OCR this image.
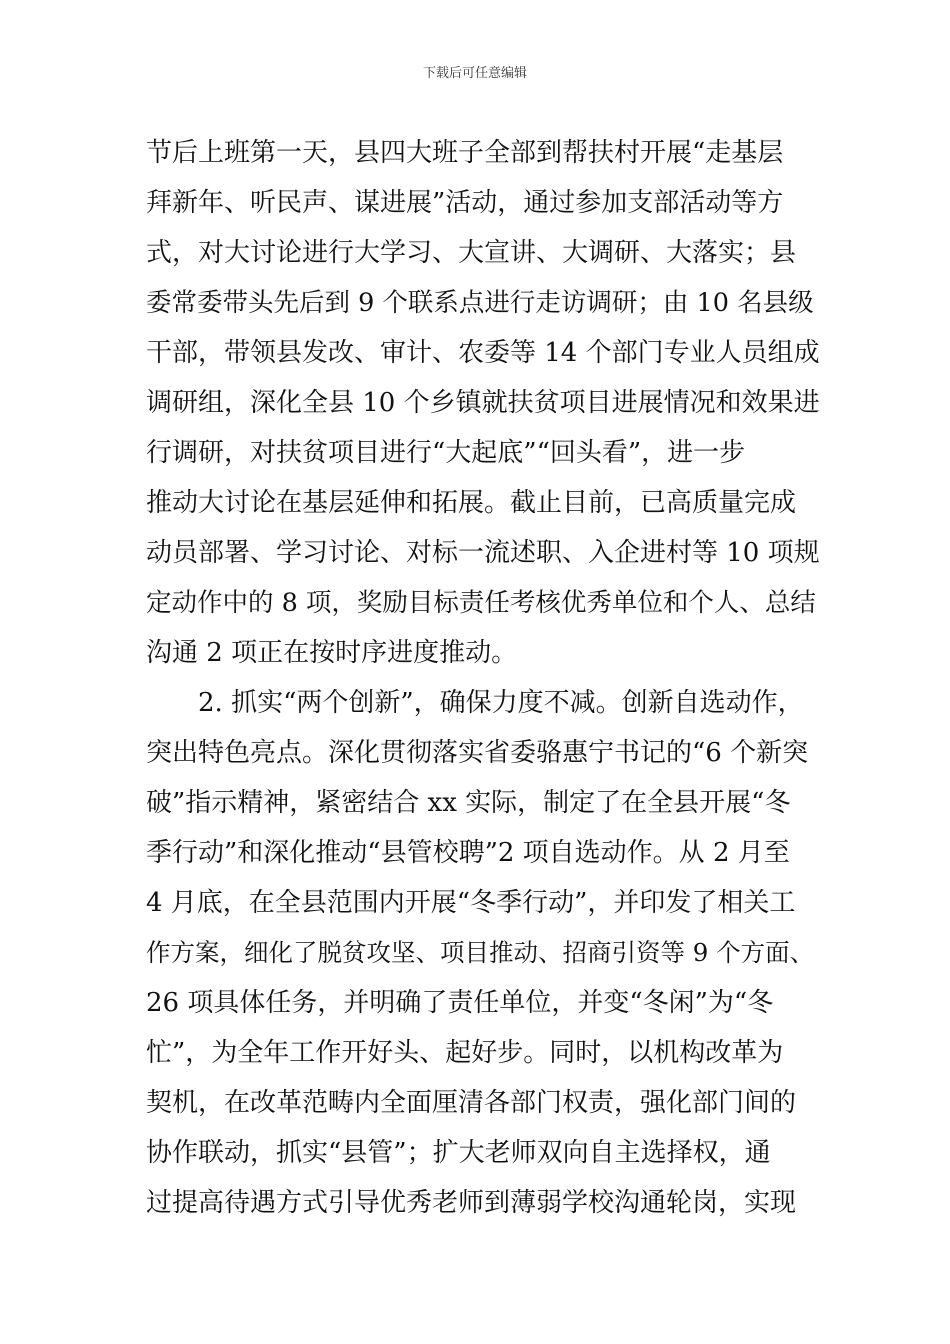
下载后可任意编辑
节后上班第一天，县四大班子全部到帮扶村开展“走基层
拜新年、听民声、谋进展”活动，通过参加支部活动等方
式，对大讨论进行大学习、大宣讲、大调研、大落实；县
委常委带头先后到 9 个联系点进行走访调研；由 10 名县级
干部，带领县发改、审计、农委等 14 个部门专业人员组成
调研组，深化全县 10 个乡镇就扶贫项目进展情况和效果进
行调研，对扶贫项目进行“大起底”“回头看”，进一步
推动大讨论在基层延伸和拓展。截止目前，已高质量完成
动员部署、学习讨论、对标一流述职、入企进村等 10 项规
定动作中的 8 项，奖励目标责任考核优秀单位和个人、总结
沟通 2 项正在按时序进度推动。
2. 抓实“两个创新”，确保力度不减。创新自选动作，
突出特色亮点。深化贯彻落实省委骆惠宁书记的“6 个新突
破”指示精神，紧密结合 xx 实际，制定了在全县开展“冬
季行动”和深化推动“县管校聘”2 项自选动作。从 2 月至
4 月底，在全县范围内开展“冬季行动”，并印发了相关工
作方案，细化了脱贫攻坚、项目推动、招商引资等 9 个方面、
26 项具体任务，并明确了责任单位，并变“冬闲”为“冬
忙”，为全年工作开好头、起好步。同时，以机构改革为
契机，在改革范畴内全面厘清各部门权责，强化部门间的
协作联动，抓实“县管”；扩大老师双向自主选择权，通
过提高待遇方式引导优秀老师到薄弱学校沟通轮岗，实现
